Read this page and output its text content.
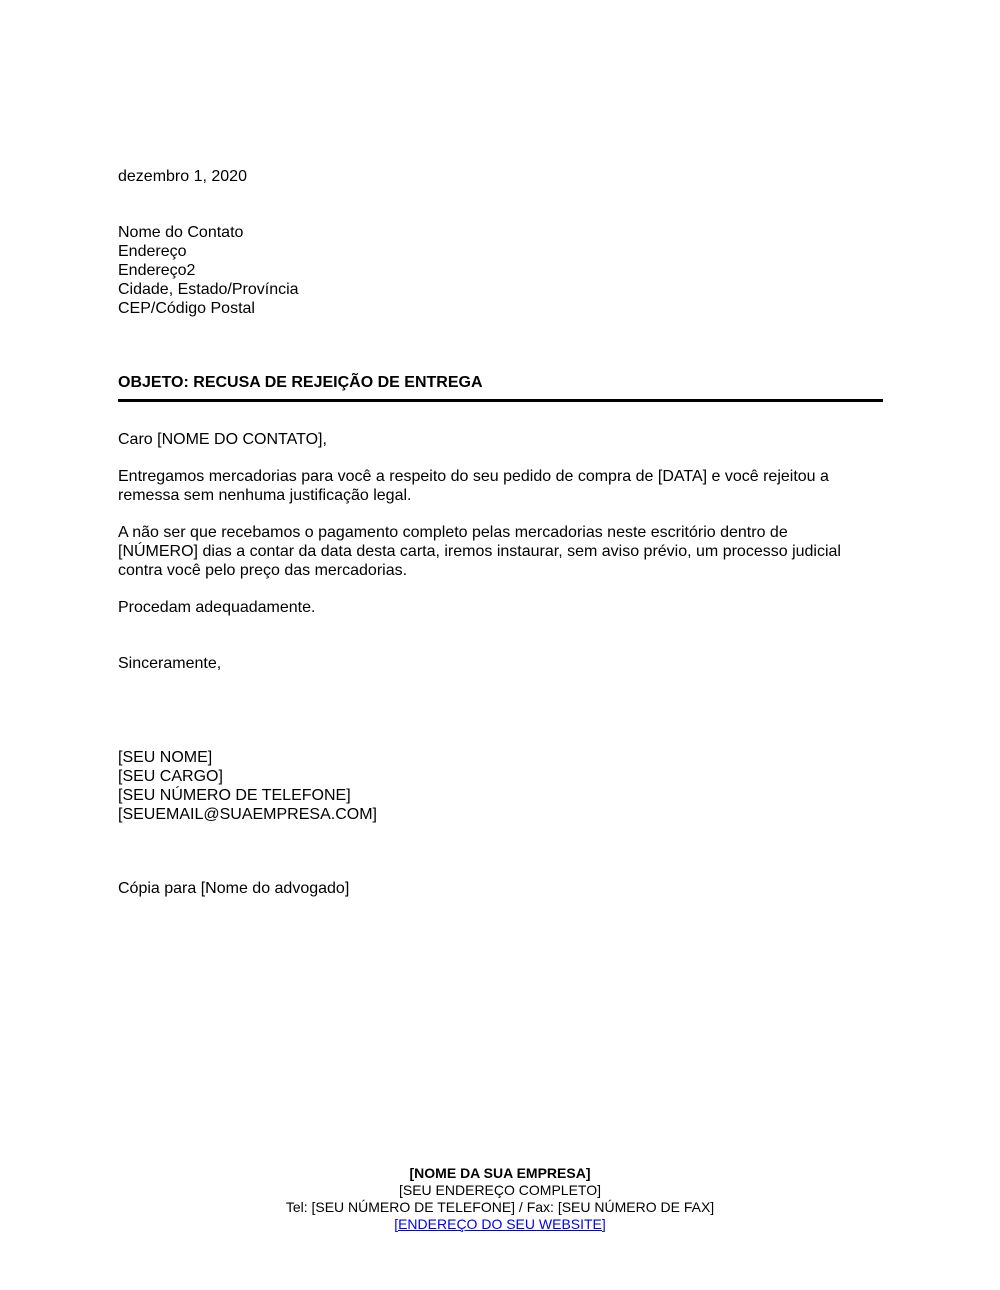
dezembro 1, 2020
Nome do Contato
Endereço
Endereço2
Cidade, Estado/Província
CEP/Código Postal
OBJETO: RECUSA DE REJEIÇÃO DE ENTREGA
Caro [NOME DO CONTATO],
Entregamos mercadorias para você a respeito do seu pedido de compra de [DATA] e você rejeitou a
remessa sem nenhuma justificação legal.
A não ser que recebamos o pagamento completo pelas mercadorias neste escritório dentro de
[NÚMERO] dias a contar da data desta carta, iremos instaurar, sem aviso prévio, um processo judicial
contra você pelo preço das mercadorias.
Procedam adequadamente.
Sinceramente,
[SEU NOME]
[SEU CARGO]
[SEU NÚMERO DE TELEFONE]
[SEUEMAIL@SUAEMPRESA.COM]
Cópia para [Nome do advogado]
[NOME DA SUA EMPRESA]
[SEU ENDEREÇO COMPLETO]
Tel: [SEU NÚMERO DE TELEFONE] / Fax: [SEU NÚMERO DE FAX]
[ENDEREÇO DO SEU WEBSITE]
